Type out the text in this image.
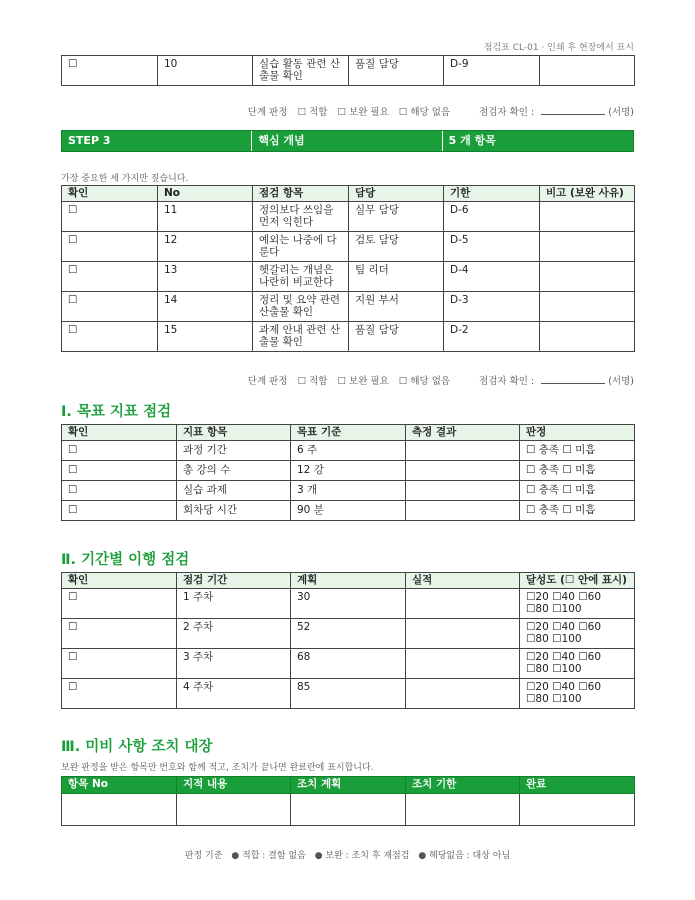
점검표 CL-01 · 인쇄 후 현장에서 표시
☐	10	실습 활동 관련 산출물 확인	품질 담당	D-9	
단계 판정 ☐ 적합 ☐ 보완 필요 ☐ 해당 없음	점검자 확인 :	(서명)
STEP 3	핵심 개념	5 개 항목
가장 중요한 세 가지만 짚습니다.
확인	No	점검 항목	담당	기한	비고 (보완 사유)
☐	11	정의보다 쓰임을 먼저 익힌다	실무 담당	D-6	
☐	12	예외는 나중에 다룬다	검토 담당	D-5	
☐	13	헷갈리는 개념은 나란히 비교한다	팀 리더	D-4	
☐	14	정리 및 요약 관련 산출물 확인	지원 부서	D-3	
☐	15	과제 안내 관련 산출물 확인	품질 담당	D-2	
단계 판정 ☐ 적합 ☐ 보완 필요 ☐ 해당 없음	점검자 확인 :	(서명)
Ⅰ. 목표 지표 점검
확인	지표 항목	목표 기준	측정 결과	판정
☐	과정 기간	6 주		☐ 충족 ☐ 미흡
☐	총 강의 수	12 강		☐ 충족 ☐ 미흡
☐	실습 과제	3 개		☐ 충족 ☐ 미흡
☐	회차당 시간	90 분		☐ 충족 ☐ 미흡
Ⅱ. 기간별 이행 점검
확인	점검 기간	계획	실적	달성도 (☐ 안에 표시)
☐	1 주차	30		☐20 ☐40 ☐60
☐80 ☐100

☐	2 주차	52		☐20 ☐40 ☐60
☐80 ☐100

☐	3 주차	68		☐20 ☐40 ☐60
☐80 ☐100

☐	4 주차	85		☐20 ☐40 ☐60
☐80 ☐100
Ⅲ. 미비 사항 조치 대장
보완 판정을 받은 항목만 번호와 함께 적고, 조치가 끝나면 완료란에 표시합니다.
항목 No	지적 내용	조치 계획	조치 기한	완료

판정 기준 ● 적합 : 결함 없음 ● 보완 : 조치 후 재점검 ● 해당없음 : 대상 아님
